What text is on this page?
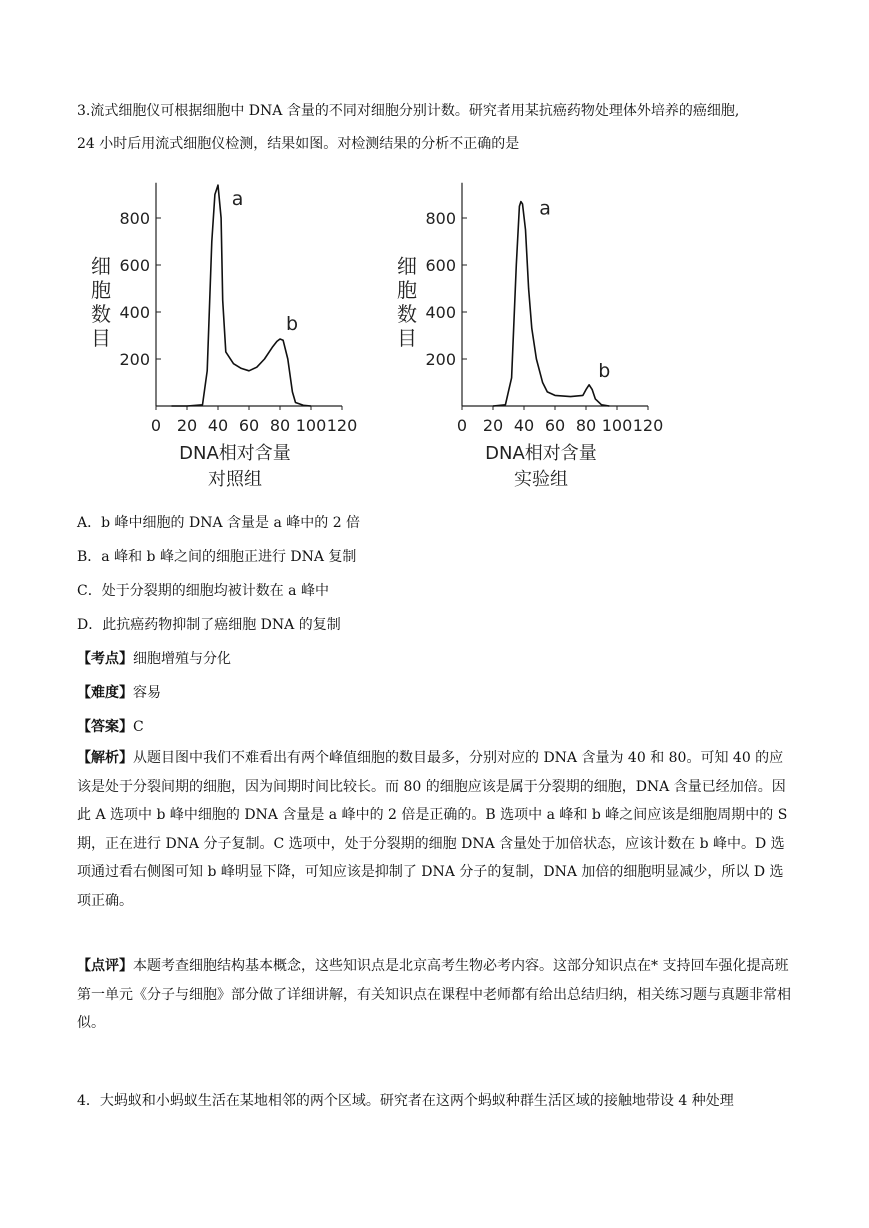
3.流式细胞仪可根据细胞中 DNA 含量的不同对细胞分别计数。研究者用某抗癌药物处理体外培养的癌细胞,
24 小时后用流式细胞仪检测，结果如图。对检测结果的分析不正确的是
200
400
600
800
0 20 40 60 80 100 120
细
胞
数
目
DNA相对含量
对照组
a
b
200
400
600
800
0 20 40 60 80 100 120
细
胞
数
目
DNA相对含量
实验组
a
b
A．b 峰中细胞的 DNA 含量是 a 峰中的 2 倍
B．a 峰和 b 峰之间的细胞正进行 DNA 复制
C．处于分裂期的细胞均被计数在 a 峰中
D．此抗癌药物抑制了癌细胞 DNA 的复制
【考点】细胞增殖与分化
【难度】容易
【答案】C
【解析】从题目图中我们不难看出有两个峰值细胞的数目最多，分别对应的 DNA 含量为 40 和 80。可知 40 的应该是处于分裂间期的细胞，因为间期时间比较长。而 80 的细胞应该是属于分裂期的细胞，DNA 含量已经加倍。因此 A 选项中 b 峰中细胞的 DNA 含量是 a 峰中的 2 倍是正确的。B 选项中 a 峰和 b 峰之间应该是细胞周期中的 S 期，正在进行 DNA 分子复制。C 选项中，处于分裂期的细胞 DNA 含量处于加倍状态，应该计数在 b 峰中。D 选项通过看右侧图可知 b 峰明显下降，可知应该是抑制了 DNA 分子的复制，DNA 加倍的细胞明显减少，所以 D 选项正确。
【点评】本题考查细胞结构基本概念，这些知识点是北京高考生物必考内容。这部分知识点在* 支持回车强化提高班 第一单元《分子与细胞》部分做了详细讲解，有关知识点在课程中老师都有给出总结归纳，相关练习题与真题非常相似。
4．大蚂蚁和小蚂蚁生活在某地相邻的两个区域。研究者在这两个蚂蚁种群生活区域的接触地带设 4 种处理
